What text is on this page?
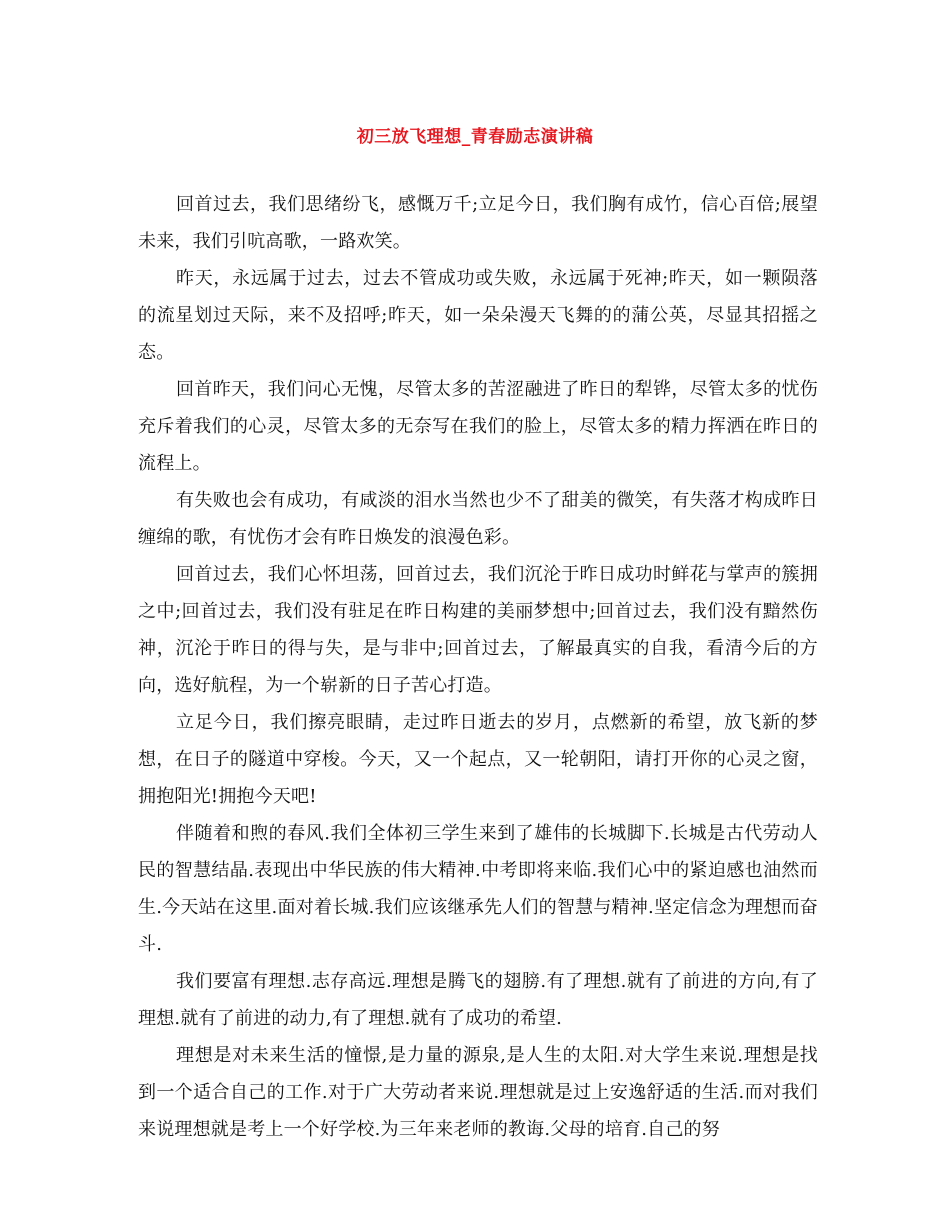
初三放飞理想_青春励志演讲稿

回首过去，我们思绪纷飞，感慨万千;立足今日，我们胸有成竹，信心百倍;展望未来，我们引吭高歌，一路欢笑。

昨天，永远属于过去，过去不管成功或失败，永远属于死神;昨天，如一颗陨落的流星划过天际，来不及招呼;昨天，如一朵朵漫天飞舞的的蒲公英，尽显其招摇之态。

回首昨天，我们问心无愧，尽管太多的苦涩融进了昨日的犁铧，尽管太多的忧伤充斥着我们的心灵，尽管太多的无奈写在我们的脸上，尽管太多的精力挥洒在昨日的流程上。

有失败也会有成功，有咸淡的泪水当然也少不了甜美的微笑，有失落才构成昨日缠绵的歌，有忧伤才会有昨日焕发的浪漫色彩。

回首过去，我们心怀坦荡，回首过去，我们沉沦于昨日成功时鲜花与掌声的簇拥之中;回首过去，我们没有驻足在昨日构建的美丽梦想中;回首过去，我们没有黯然伤神，沉沦于昨日的得与失，是与非中;回首过去，了解最真实的自我，看清今后的方向，选好航程，为一个崭新的日子苦心打造。

立足今日，我们擦亮眼睛，走过昨日逝去的岁月，点燃新的希望，放飞新的梦想，在日子的隧道中穿梭。今天，又一个起点，又一轮朝阳，请打开你的心灵之窗，拥抱阳光!拥抱今天吧!

伴随着和煦的春风.我们全体初三学生来到了雄伟的长城脚下.长城是古代劳动人民的智慧结晶.表现出中华民族的伟大精神.中考即将来临.我们心中的紧迫感也油然而生.今天站在这里.面对着长城.我们应该继承先人们的智慧与精神.坚定信念为理想而奋斗.

我们要富有理想.志存高远.理想是腾飞的翅膀.有了理想.就有了前进的方向,有了理想.就有了前进的动力,有了理想.就有了成功的希望.

理想是对未来生活的憧憬,是力量的源泉,是人生的太阳.对大学生来说.理想是找到一个适合自己的工作.对于广大劳动者来说.理想就是过上安逸舒适的生活.而对我们来说理想就是考上一个好学校.为三年来老师的教诲.父母的培育.自己的努
